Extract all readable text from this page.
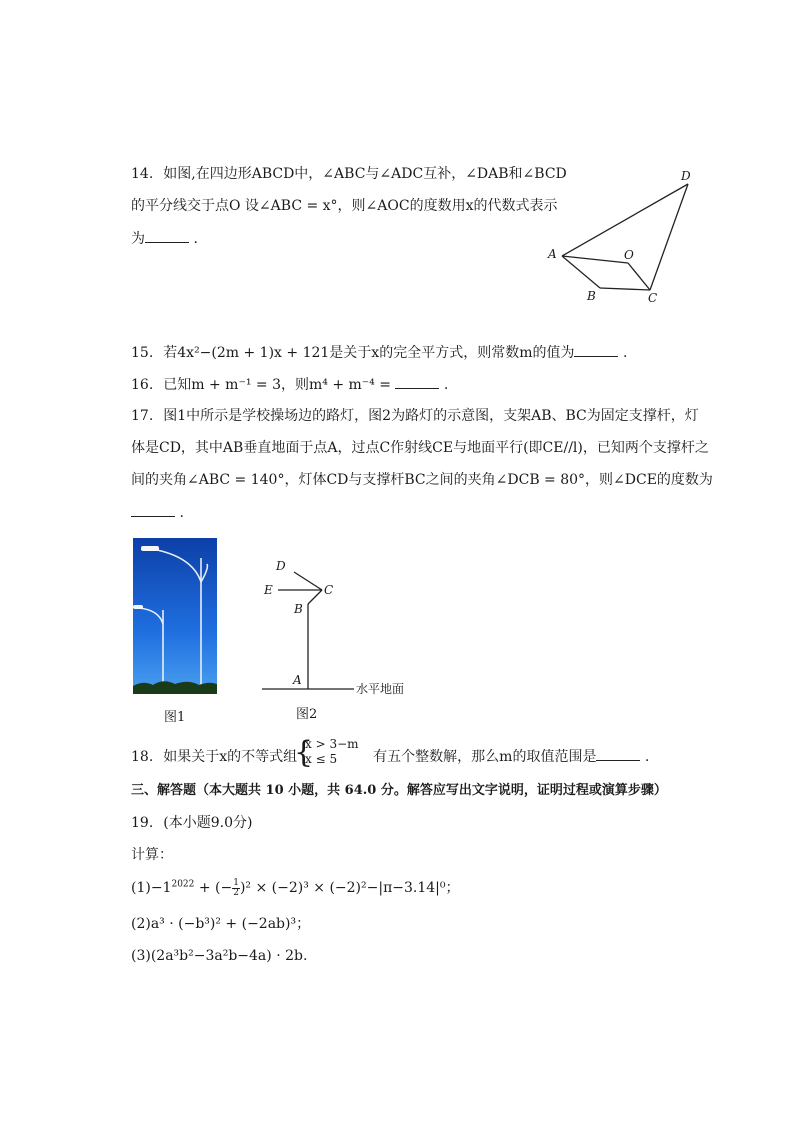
14. 如图,在四边形ABCD中，∠ABC与∠ADC互补，∠DAB和∠BCD
的平分线交于点O 设∠ABC = x°，则∠AOC的度数用x的代数式表示
为	.
D
A	O
B	C
15. 若4x²−(2m + 1)x + 121是关于x的完全平方式，则常数m的值为	.
16. 已知m + m⁻¹ = 3，则m⁴ + m⁻⁴ =	.
17. 图1中所示是学校操场边的路灯，图2为路灯的示意图，支架AB、BC为固定支撑杆，灯
体是CD，其中AB垂直地面于点A，过点C作射线CE与地面平行(即CE//l)，已知两个支撑杆之
间的夹角∠ABC = 140°，灯体CD与支撑杆BC之间的夹角∠DCB = 80°，则∠DCE的度数为
.
图1
D
E	C
B
A
水平地面
图2
18. 如果关于x的不等式组	有五个整数解，那么m的取值范围是	.
{
x > 3−m
x ≤ 5
三、解答题（本大题共 10 小题，共 64.0 分。解答应写出文字说明，证明过程或演算步骤）
19. (本小题9.0分)
计算：
$(1)-1^{2022}$ + (− $\frac{1}{2} )^2 \times (-2)^3 \times (-2)^2-|\pi-3.14|^0$；
(2)a³ · (−b³)² + (−2ab)³；
(3)(2a³b²−3a²b−4a) · 2b.
